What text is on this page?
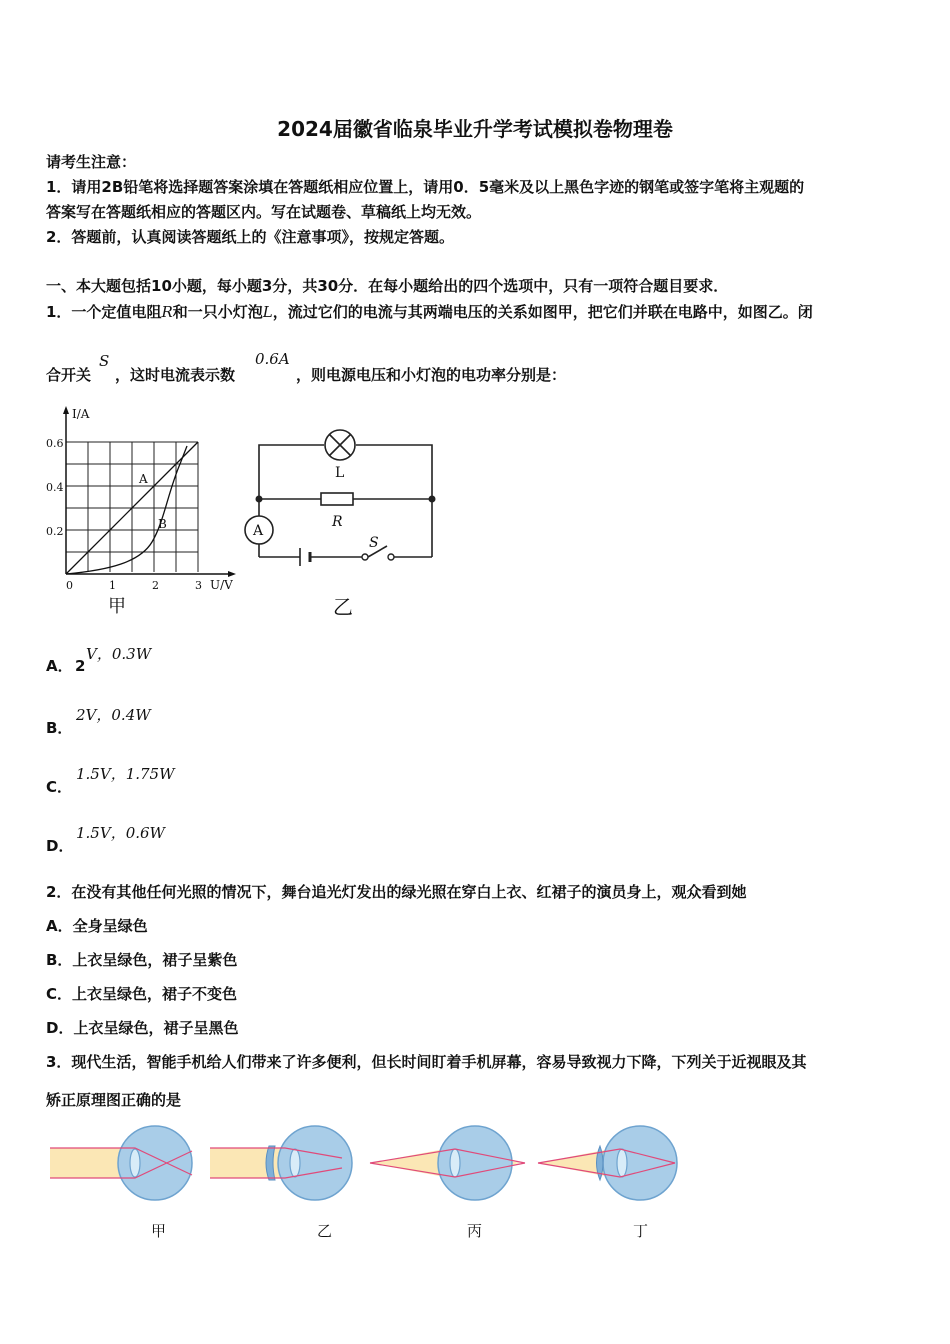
2024届徽省临泉毕业升学考试模拟卷物理卷
请考生注意：
1．请用2B铅笔将选择题答案涂填在答题纸相应位置上，请用0．5毫米及以上黑色字迹的钢笔或签字笔将主观题的
答案写在答题纸相应的答题区内。写在试题卷、草稿纸上均无效。
2．答题前，认真阅读答题纸上的《注意事项》，按规定答题。
一、本大题包括10小题，每小题3分，共30分．在每小题给出的四个选项中，只有一项符合题目要求．
1．一个定值电阻R和一只小灯泡L，流过它们的电流与其两端电压的关系如图甲，把它们并联在电路中，如图乙。闭
合开关
S
，这时电流表示数
0.6A
，则电源电压和小灯泡的电功率分别是：
I/A
U/V
0.6
0.4
0.2
0	1	2	3
A
B
甲
L
R
A
S
乙
A． 2
V，0.3W
B．
2V，0.4W
C．
1.5V，1.75W
D．
1.5V，0.6W
2．在没有其他任何光照的情况下，舞台追光灯发出的绿光照在穿白上衣、红裙子的演员身上，观众看到她
A．全身呈绿色
B．上衣呈绿色，裙子呈紫色
C．上衣呈绿色，裙子不变色
D．上衣呈绿色，裙子呈黑色
3．现代生活，智能手机给人们带来了许多便利，但长时间盯着手机屏幕，容易导致视力下降，下列关于近视眼及其
矫正原理图正确的是
甲	乙	丙	丁
